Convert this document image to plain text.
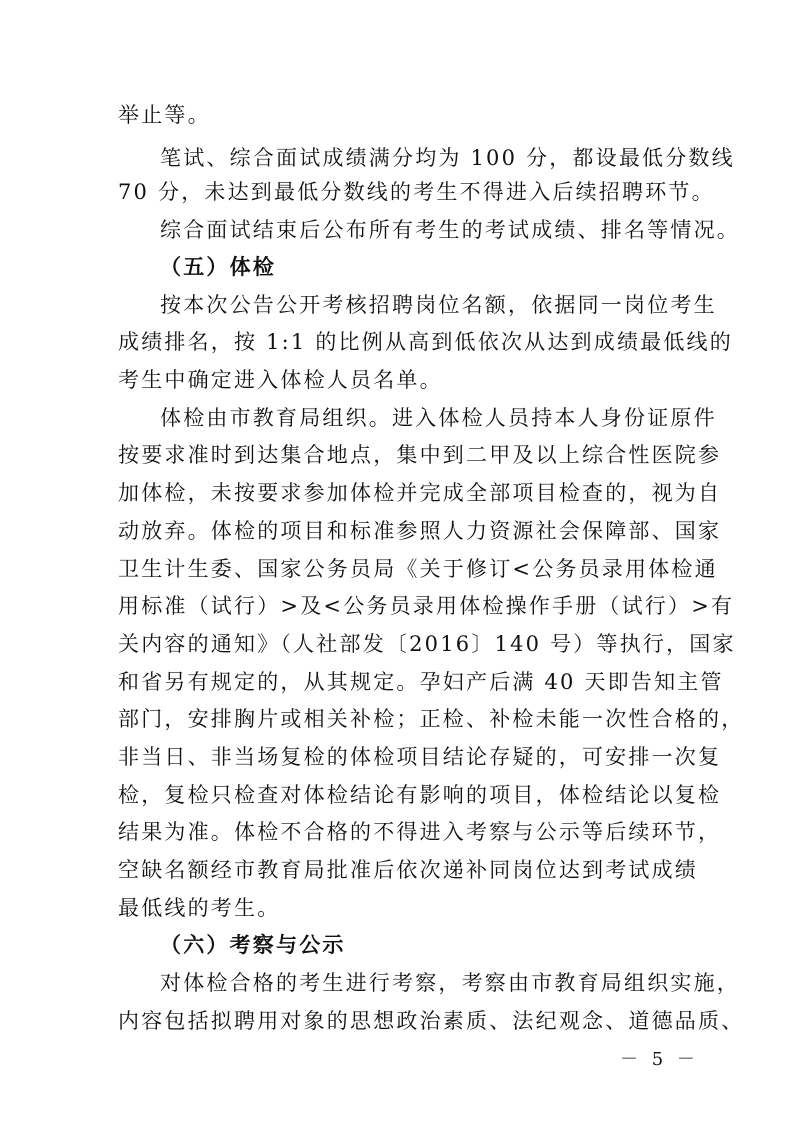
举止等。
笔试、综合面试成绩满分均为 100 分，都设最低分数线
70 分，未达到最低分数线的考生不得进入后续招聘环节。
综合面试结束后公布所有考生的考试成绩、排名等情况。
（五）体检
按本次公告公开考核招聘岗位名额，依据同一岗位考生
成绩排名，按 1:1 的比例从高到低依次从达到成绩最低线的
考生中确定进入体检人员名单。
体检由市教育局组织。进入体检人员持本人身份证原件
按要求准时到达集合地点，集中到二甲及以上综合性医院参
加体检，未按要求参加体检并完成全部项目检查的，视为自
动放弃。体检的项目和标准参照人力资源社会保障部、国家
卫生计生委、国家公务员局《关于修订<公务员录用体检通
用标准（试行）>及<公务员录用体检操作手册（试行）>有
关内容的通知》（人社部发〔2016〕140 号）等执行，国家
和省另有规定的，从其规定。孕妇产后满 40 天即告知主管
部门，安排胸片或相关补检；正检、补检未能一次性合格的，
非当日、非当场复检的体检项目结论存疑的，可安排一次复
检，复检只检查对体检结论有影响的项目，体检结论以复检
结果为准。体检不合格的不得进入考察与公示等后续环节，
空缺名额经市教育局批准后依次递补同岗位达到考试成绩
最低线的考生。
（六）考察与公示
对体检合格的考生进行考察，考察由市教育局组织实施，
内容包括拟聘用对象的思想政治素质、法纪观念、道德品质、
－ 5 －
